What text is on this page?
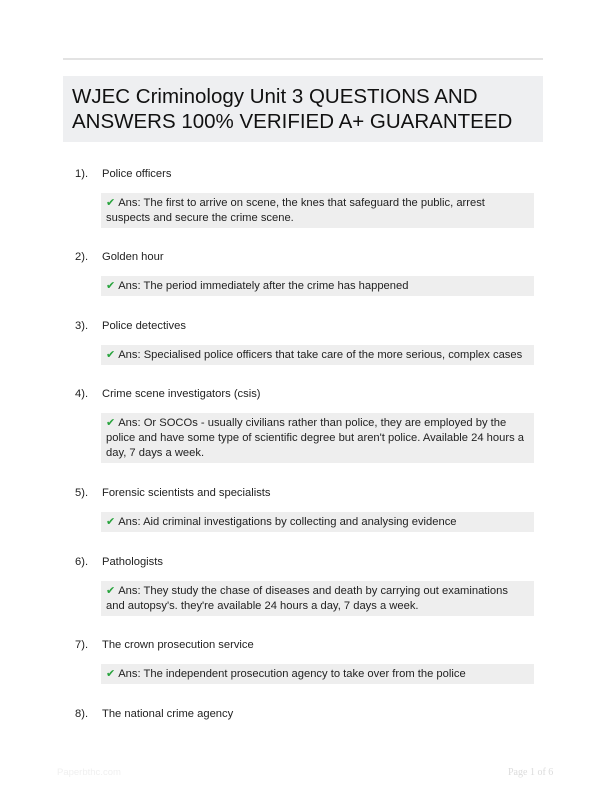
WJEC Criminology Unit 3 QUESTIONS AND ANSWERS 100% VERIFIED A+ GUARANTEED
1). Police officers
✔ Ans: The first to arrive on scene, the knes that safeguard the public, arrest suspects and secure the crime scene.
2). Golden hour
✔ Ans: The period immediately after the crime has happened
3). Police detectives
✔ Ans: Specialised police officers that take care of the more serious, complex cases
4). Crime scene investigators (csis)
✔ Ans: Or SOCOs - usually civilians rather than police, they are employed by the police and have some type of scientific degree but aren't police. Available 24 hours a day, 7 days a week.
5). Forensic scientists and specialists
✔ Ans: Aid criminal investigations by collecting and analysing evidence
6). Pathologists
✔ Ans: They study the chase of diseases and death by carrying out examinations and autopsy's. they're available 24 hours a day, 7 days a week.
7). The crown prosecution service
✔ Ans: The independent prosecution agency to take over from the police
8). The national crime agency
Paperbthc.com	Page 1 of 6
